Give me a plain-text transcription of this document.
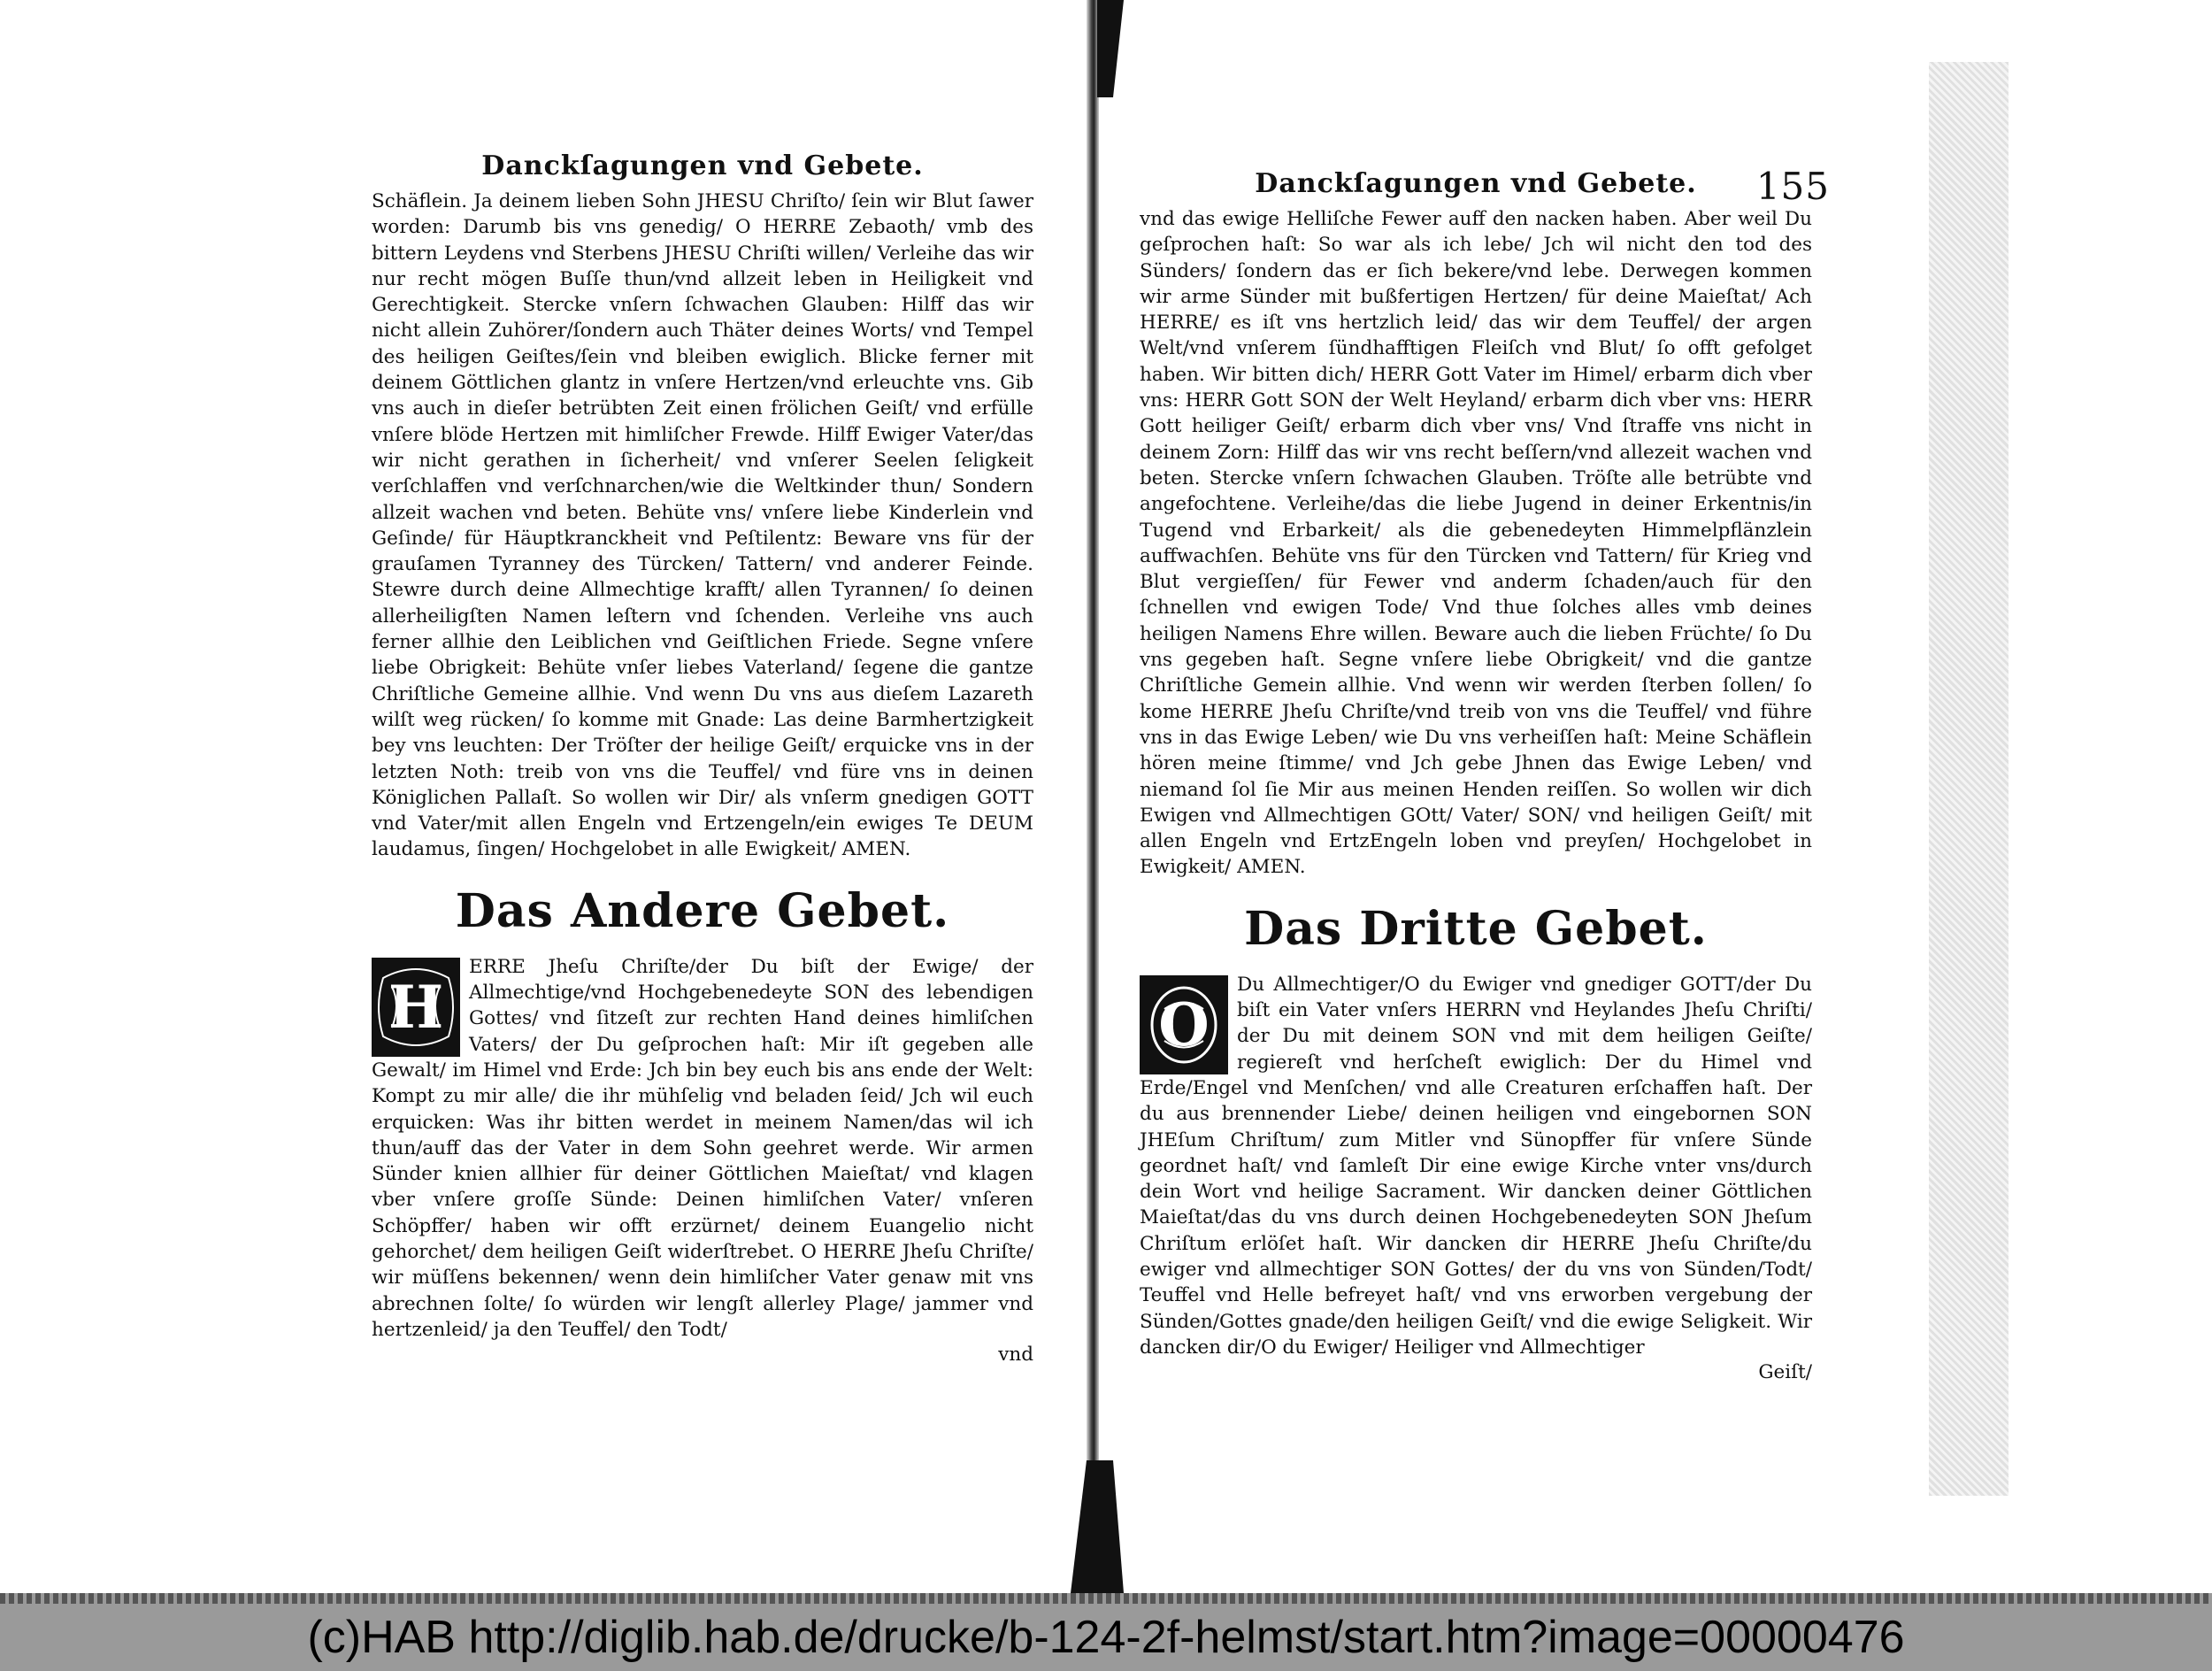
Danckſagungen vnd Gebete.

Schäflein. Ja deinem lieben Sohn JHESU Chriſto/ ſein wir Blut ſawer worden: Darumb bis vns genedig/ O HERRE Zebaoth/ vmb des bittern Leydens vnd Sterbens JHESU Chriſti willen/ Verleihe das wir nur recht mögen Buſſe thun/vnd allzeit leben in Heiligkeit vnd Gerechtigkeit. Stercke vnſern ſchwachen Glauben: Hilff das wir nicht allein Zuhörer/ſondern auch Thäter deines Worts/ vnd Tempel des heiligen Geiſtes/ſein vnd bleiben ewiglich. Blicke ferner mit deinem Göttlichen glantz in vnſere Hertzen/vnd erleuchte vns. Gib vns auch in dieſer betrübten Zeit einen frölichen Geiſt/ vnd erfülle vnſere blöde Hertzen mit himliſcher Frewde. Hilff Ewiger Vater/das wir nicht gerathen in ſicherheit/ vnd vnſerer Seelen ſeligkeit verſchlaffen vnd verſchnarchen/wie die Weltkinder thun/ Sondern allzeit wachen vnd beten. Behüte vns/ vnſere liebe Kinderlein vnd Geſinde/ für Häuptkranckheit vnd Peſtilentz: Beware vns für der grauſamen Tyranney des Türcken/ Tattern/ vnd anderer Feinde. Stewre durch deine Allmechtige krafft/ allen Tyrannen/ ſo deinen allerheiligſten Namen leſtern vnd ſchenden. Verleihe vns auch ferner allhie den Leiblichen vnd Geiſtlichen Friede. Segne vnſere liebe Obrigkeit: Behüte vnſer liebes Vaterland/ ſegene die gantze Chriſtliche Gemeine allhie. Vnd wenn Du vns aus dieſem Lazareth wilſt weg rücken/ ſo komme mit Gnade: Las deine Barmhertzigkeit bey vns leuchten: Der Tröſter der heilige Geiſt/ erquicke vns in der letzten Noth: treib von vns die Teuffel/ vnd füre vns in deinen Königlichen Pallaſt. So wollen wir Dir/ als vnſerm gnedigen GOTT vnd Vater/mit allen Engeln vnd Ertzengeln/ein ewiges Te DEUM laudamus, ſingen/ Hochgelobet in alle Ewigkeit/ AMEN.

Das Andere Gebet.
H

ERRE Jheſu Chriſte/der Du biſt der Ewige/ der Allmechtige/vnd Hochgebenedeyte SON des lebendigen Gottes/ vnd ſitzeſt zur rechten Hand deines himliſchen Vaters/ der Du geſprochen haſt: Mir iſt gegeben alle Gewalt/ im Himel vnd Erde: Jch bin bey euch bis ans ende der Welt: Kompt zu mir alle/ die ihr mühſelig vnd beladen ſeid/ Jch wil euch erquicken: Was ihr bitten werdet in meinem Namen/das wil ich thun/auff das der Vater in dem Sohn geehret werde. Wir armen Sünder knien allhier für deiner Göttlichen Maieſtat/ vnd klagen vber vnſere groſſe Sünde: Deinen himliſchen Vater/ vnſeren Schöpffer/ haben wir offt erzürnet/ deinem Euangelio nicht gehorchet/ dem heiligen Geiſt widerſtrebet. O HERRE Jheſu Chriſte/ wir müſſens bekennen/ wenn dein himliſcher Vater genaw mit vns abrechnen ſolte/ ſo würden wir lengſt allerley Plage/ jammer vnd hertzenleid/ ja den Teuffel/ den Todt/

vnd
Danckſagungen vnd Gebete. 155

vnd das ewige Helliſche Fewer auff den nacken haben. Aber weil Du geſprochen haſt: So war als ich lebe/ Jch wil nicht den tod des Sünders/ ſondern das er ſich bekere/vnd lebe. Derwegen kommen wir arme Sünder mit bußfertigen Hertzen/ für deine Maieſtat/ Ach HERRE/ es iſt vns hertzlich leid/ das wir dem Teuffel/ der argen Welt/vnd vnſerem ſündhafftigen Fleiſch vnd Blut/ ſo offt gefolget haben. Wir bitten dich/ HERR Gott Vater im Himel/ erbarm dich vber vns: HERR Gott SON der Welt Heyland/ erbarm dich vber vns: HERR Gott heiliger Geiſt/ erbarm dich vber vns/ Vnd ſtraffe vns nicht in deinem Zorn: Hilff das wir vns recht beſſern/vnd allezeit wachen vnd beten. Stercke vnſern ſchwachen Glauben. Tröſte alle betrübte vnd angefochtene. Verleihe/das die liebe Jugend in deiner Erkentnis/in Tugend vnd Erbarkeit/ als die gebenedeyten Himmelpflänzlein auffwachſen. Behüte vns für den Türcken vnd Tattern/ für Krieg vnd Blut vergieſſen/ für Fewer vnd anderm ſchaden/auch für den ſchnellen vnd ewigen Tode/ Vnd thue ſolches alles vmb deines heiligen Namens Ehre willen. Beware auch die lieben Früchte/ ſo Du vns gegeben haſt. Segne vnſere liebe Obrigkeit/ vnd die gantze Chriſtliche Gemein allhie. Vnd wenn wir werden ſterben ſollen/ ſo kome HERRE Jheſu Chriſte/vnd treib von vns die Teuffel/ vnd führe vns in das Ewige Leben/ wie Du vns verheiſſen haſt: Meine Schäflein hören meine ſtimme/ vnd Jch gebe Jhnen das Ewige Leben/ vnd niemand ſol ſie Mir aus meinen Henden reiſſen. So wollen wir dich Ewigen vnd Allmechtigen GOtt/ Vater/ SON/ vnd heiligen Geiſt/ mit allen Engeln vnd ErtzEngeln loben vnd preyſen/ Hochgelobet in Ewigkeit/ AMEN.

Das Dritte Gebet.
O

Du Allmechtiger/O du Ewiger vnd gnediger GOTT/der Du biſt ein Vater vnſers HERRN vnd Heylandes Jheſu Chriſti/ der Du mit deinem SON vnd mit dem heiligen Geiſte/ regiereſt vnd herſcheſt ewiglich: Der du Himel vnd Erde/Engel vnd Menſchen/ vnd alle Creaturen erſchaffen haſt. Der du aus brennender Liebe/ deinen heiligen vnd eingebornen SON JHEſum Chriſtum/ zum Mitler vnd Sünopffer für vnſere Sünde geordnet haſt/ vnd ſamleſt Dir eine ewige Kirche vnter vns/durch dein Wort vnd heilige Sacrament. Wir dancken deiner Göttlichen Maieſtat/das du vns durch deinen Hochgebenedeyten SON Jheſum Chriſtum erlöſet haſt. Wir dancken dir HERRE Jheſu Chriſte/du ewiger vnd allmechtiger SON Gottes/ der du vns von Sünden/Todt/ Teuffel vnd Helle befreyet haſt/ vnd vns erworben vergebung der Sünden/Gottes gnade/den heiligen Geiſt/ vnd die ewige Seligkeit. Wir dancken dir/O du Ewiger/ Heiliger vnd Allmechtiger

Geiſt/
(c)HAB http://diglib.hab.de/drucke/b-124-2f-helmst/start.htm?image=00000476
